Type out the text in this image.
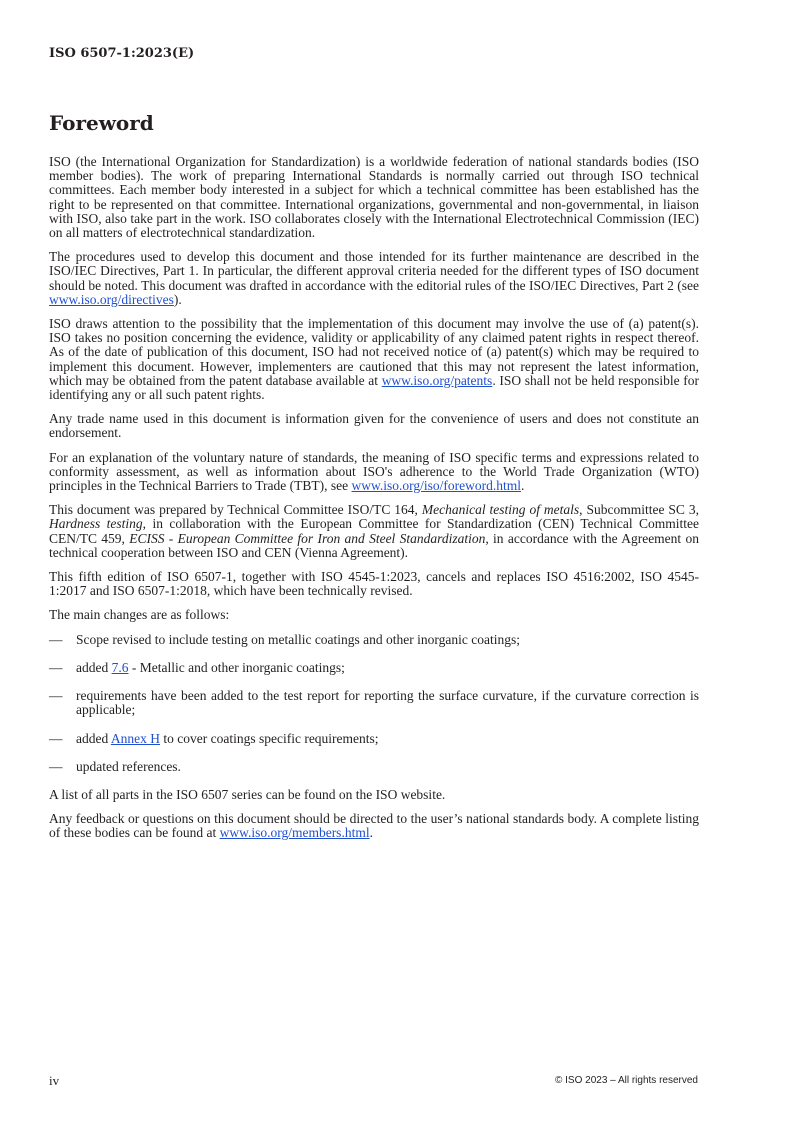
ISO 6507-1:2023(E)
Foreword

ISO (the International Organization for Standardization) is a worldwide federation of national standards bodies (ISO member bodies). The work of preparing International Standards is normally carried out through ISO technical committees. Each member body interested in a subject for which a technical committee has been established has the right to be represented on that committee. International organizations, governmental and non-governmental, in liaison with ISO, also take part in the work. ISO collaborates closely with the International Electrotechnical Commission (IEC) on all matters of electrotechnical standardization.

The procedures used to develop this document and those intended for its further maintenance are described in the ISO/IEC Directives, Part 1. In particular, the different approval criteria needed for the different types of ISO document should be noted. This document was drafted in accordance with the editorial rules of the ISO/IEC Directives, Part 2 (see www.iso.org/directives).

ISO draws attention to the possibility that the implementation of this document may involve the use of (a) patent(s). ISO takes no position concerning the evidence, validity or applicability of any claimed patent rights in respect thereof. As of the date of publication of this document, ISO had not received notice of (a) patent(s) which may be required to implement this document. However, implementers are cautioned that this may not represent the latest information, which may be obtained from the patent database available at www.iso.org/patents. ISO shall not be held responsible for identifying any or all such patent rights.

Any trade name used in this document is information given for the convenience of users and does not constitute an endorsement.

For an explanation of the voluntary nature of standards, the meaning of ISO specific terms and expressions related to conformity assessment, as well as information about ISO's adherence to the World Trade Organization (WTO) principles in the Technical Barriers to Trade (TBT), see www.iso.org/iso/foreword.html.

This document was prepared by Technical Committee ISO/TC 164, Mechanical testing of metals, Subcommittee SC 3, Hardness testing, in collaboration with the European Committee for Standardization (CEN) Technical Committee CEN/TC 459, ECISS - European Committee for Iron and Steel Standardization, in accordance with the Agreement on technical cooperation between ISO and CEN (Vienna Agreement).

This fifth edition of ISO 6507-1, together with ISO 4545-1:2023, cancels and replaces ISO 4516:2002, ISO 4545-1:2017 and ISO 6507-1:2018, which have been technically revised.

The main changes are as follows:

— Scope revised to include testing on metallic coatings and other inorganic coatings;
— added 7.6 - Metallic and other inorganic coatings;
— requirements have been added to the test report for reporting the surface curvature, if the curvature correction is applicable;
— added Annex H to cover coatings specific requirements;
— updated references.

A list of all parts in the ISO 6507 series can be found on the ISO website.

Any feedback or questions on this document should be directed to the user’s national standards body. A complete listing of these bodies can be found at www.iso.org/members.html.

iv	© ISO 2023 – All rights reserved
